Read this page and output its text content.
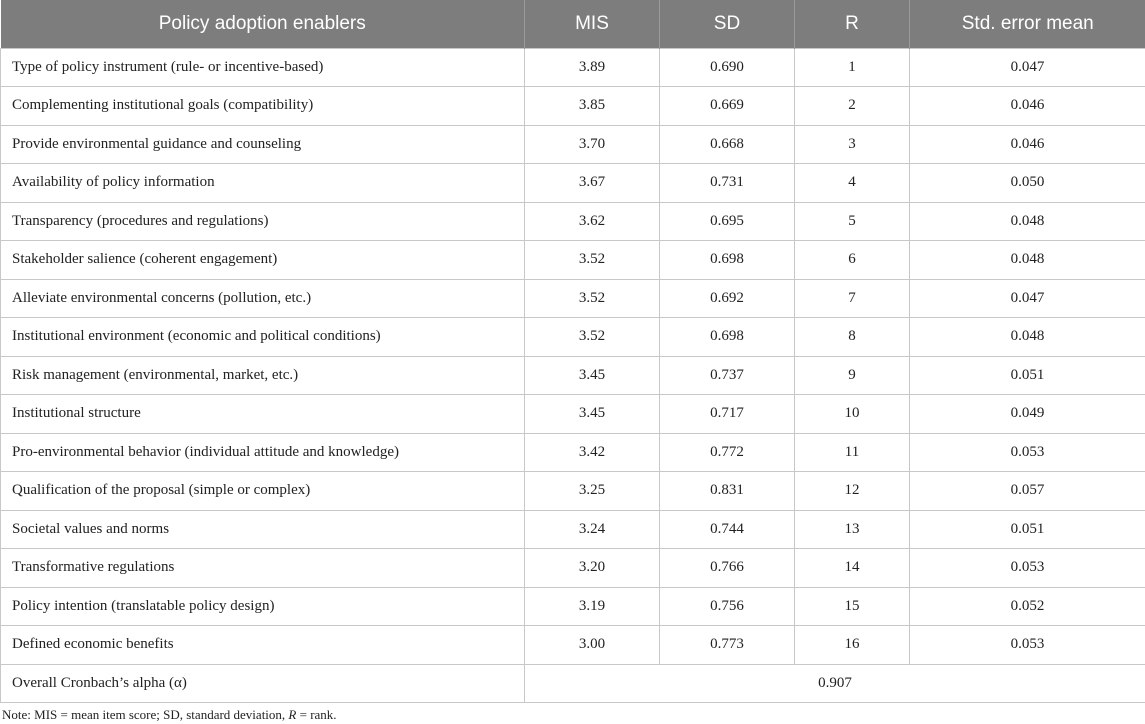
Policy adoption enablers	MIS	SD	R	Std. error mean
Type of policy instrument (rule- or incentive-based)	3.89	0.690	1	0.047
Complementing institutional goals (compatibility)	3.85	0.669	2	0.046
Provide environmental guidance and counseling	3.70	0.668	3	0.046
Availability of policy information	3.67	0.731	4	0.050
Transparency (procedures and regulations)	3.62	0.695	5	0.048
Stakeholder salience (coherent engagement)	3.52	0.698	6	0.048
Alleviate environmental concerns (pollution, etc.)	3.52	0.692	7	0.047
Institutional environment (economic and political conditions)	3.52	0.698	8	0.048
Risk management (environmental, market, etc.)	3.45	0.737	9	0.051
Institutional structure	3.45	0.717	10	0.049
Pro-environmental behavior (individual attitude and knowledge)	3.42	0.772	11	0.053
Qualification of the proposal (simple or complex)	3.25	0.831	12	0.057
Societal values and norms	3.24	0.744	13	0.051
Transformative regulations	3.20	0.766	14	0.053
Policy intention (translatable policy design)	3.19	0.756	15	0.052
Defined economic benefits	3.00	0.773	16	0.053
Overall Cronbach’s alpha (α)	0.907			
Note: MIS = mean item score; SD, standard deviation, R = rank.
